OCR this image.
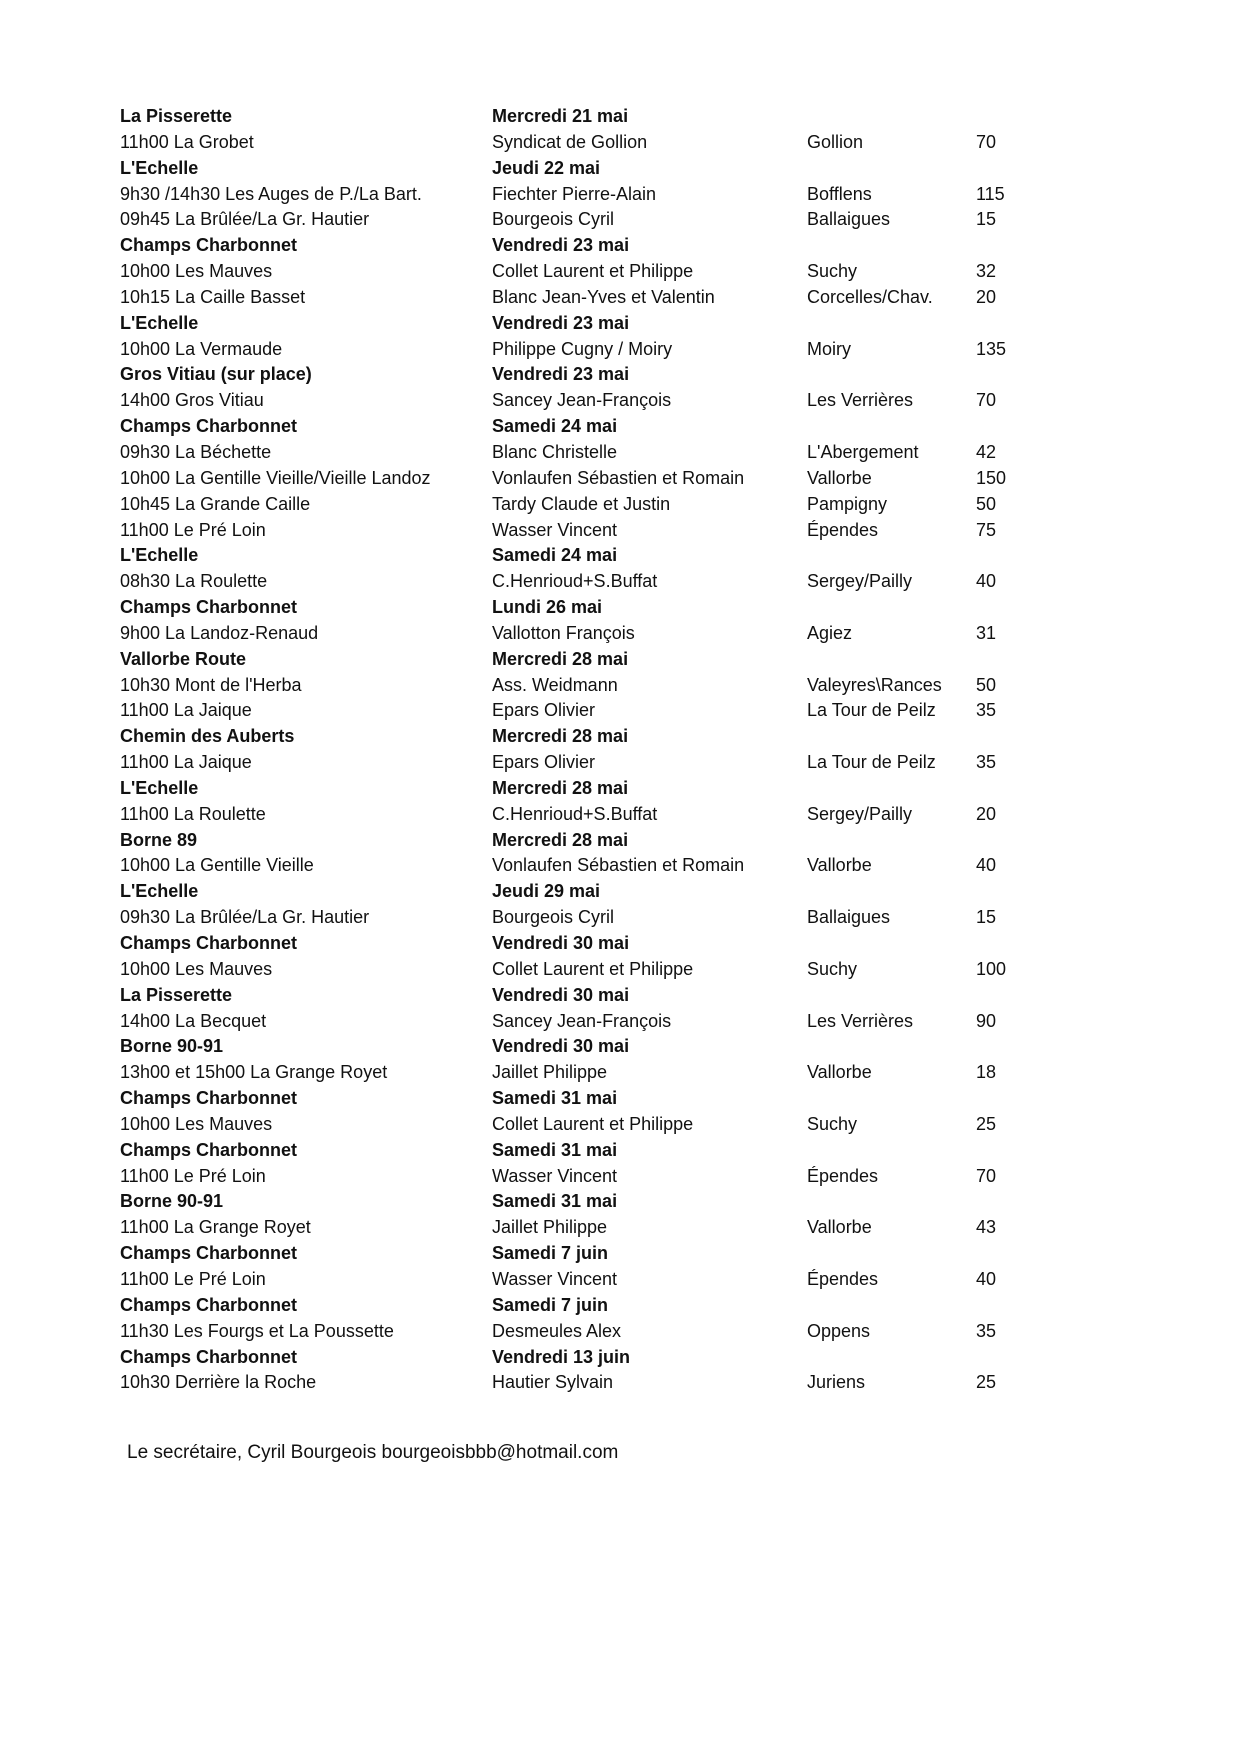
La Pisserette	Mercredi 21 mai
11h00 La Grobet	Syndicat de Gollion	Gollion	70
L'Echelle	Jeudi 22 mai
9h30 /14h30 Les Auges de P./La Bart.	Fiechter Pierre-Alain	Bofflens	115
09h45 La Brûlée/La Gr. Hautier	Bourgeois Cyril	Ballaigues	15
Champs Charbonnet	Vendredi 23 mai
10h00 Les Mauves	Collet Laurent et Philippe	Suchy	32
10h15 La Caille Basset	Blanc Jean-Yves et Valentin	Corcelles/Chav. 20
L'Echelle	Vendredi 23 mai
10h00 La Vermaude	Philippe Cugny / Moiry	Moiry	135
Gros Vitiau (sur place)	Vendredi 23 mai
14h00 Gros Vitiau	Sancey Jean-François	Les Verrières	70
Champs Charbonnet	Samedi 24 mai
09h30 La Béchette	Blanc Christelle	L'Abergement	42
10h00 La Gentille Vieille/Vieille Landoz	Vonlaufen Sébastien et Romain	Vallorbe	150
10h45 La Grande Caille	Tardy Claude et Justin	Pampigny	50
11h00 Le Pré Loin	Wasser Vincent	Épendes	75
L'Echelle	Samedi 24 mai
08h30 La Roulette	C.Henrioud+S.Buffat	Sergey/Pailly	40
Champs Charbonnet	Lundi 26 mai
9h00 La Landoz-Renaud	Vallotton François	Agiez	31
Vallorbe Route	Mercredi 28 mai
10h30 Mont de l'Herba	Ass. Weidmann	Valeyres\Rances 50
11h00 La Jaique	Epars Olivier	La Tour de Peilz 35
Chemin des Auberts	Mercredi 28 mai
11h00 La Jaique	Epars Olivier	La Tour de Peilz 35
L'Echelle	Mercredi 28 mai
11h00 La Roulette	C.Henrioud+S.Buffat	Sergey/Pailly	20
Borne 89	Mercredi 28 mai
10h00 La Gentille Vieille	Vonlaufen Sébastien et Romain	Vallorbe	40
L'Echelle	Jeudi 29 mai
09h30 La Brûlée/La Gr. Hautier	Bourgeois Cyril	Ballaigues	15
Champs Charbonnet	Vendredi 30 mai
10h00 Les Mauves	Collet Laurent et Philippe	Suchy	100
La Pisserette	Vendredi 30 mai
14h00 La Becquet	Sancey Jean-François	Les Verrières	90
Borne 90-91	Vendredi 30 mai
13h00 et 15h00 La Grange Royet	Jaillet Philippe	Vallorbe	18
Champs Charbonnet	Samedi 31 mai
10h00 Les Mauves	Collet Laurent et Philippe	Suchy	25
Champs Charbonnet	Samedi 31 mai
11h00 Le Pré Loin	Wasser Vincent	Épendes	70
Borne 90-91	Samedi 31 mai
11h00 La Grange Royet	Jaillet Philippe	Vallorbe	43
Champs Charbonnet	Samedi 7 juin
11h00 Le Pré Loin	Wasser Vincent	Épendes	40
Champs Charbonnet	Samedi 7 juin
11h30 Les Fourgs et La Poussette	Desmeules Alex	Oppens	35
Champs Charbonnet	Vendredi 13 juin
10h30 Derrière la Roche	Hautier Sylvain	Juriens	25
Le secrétaire, Cyril Bourgeois bourgeoisbbb@hotmail.com
